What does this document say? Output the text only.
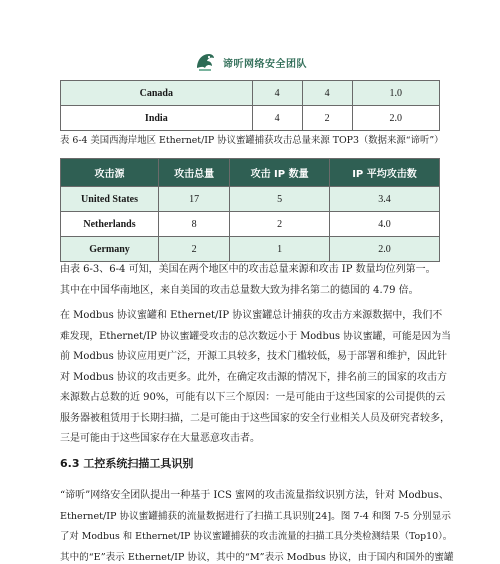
谛听网络安全团队
Canada	4	4	1.0
India	4	2	2.0
表 6-4 美国西海岸地区 Ethernet/IP 协议蜜罐捕获攻击总量来源 TOP3（数据来源“谛听”）
攻击源	攻击总量	攻击 IP 数量	IP 平均攻击数
United States	17	5	3.4
Netherlands	8	2	4.0
Germany	2	1	2.0
由表 6-3、6-4 可知，美国在两个地区中的攻击总量来源和攻击 IP 数量均位列第一。
其中在中国华南地区，来自美国的攻击总量数大致为排名第二的德国的 4.79 倍。
在 Modbus 协议蜜罐和 Ethernet/IP 协议蜜罐总计捕获的攻击方来源数据中，我们不
难发现，Ethernet/IP 协议蜜罐受攻击的总次数远小于 Modbus 协议蜜罐，可能是因为当
前 Modbus 协议应用更广泛，开源工具较多，技术门槛较低，易于部署和维护，因此针
对 Modbus 协议的攻击更多。此外，在确定攻击源的情况下，排名前三的国家的攻击方
来源数占总数的近 90%，可能有以下三个原因：一是可能由于这些国家的公司提供的云
服务器被租赁用于长期扫描，二是可能由于这些国家的安全行业相关人员及研究者较多，
三是可能由于这些国家存在大量恶意攻击者。
6.3 工控系统扫描工具识别
“谛听”网络安全团队提出一种基于 ICS 蜜网的攻击流量指纹识别方法，针对 Modbus、
Ethernet/IP 协议蜜罐捕获的流量数据进行了扫描工具识别[24]。图 7-4 和图 7-5 分别显示
了对 Modbus 和 Ethernet/IP 协议蜜罐捕获的攻击流量的扫描工具分类检测结果（Top10）。
其中的“E”表示 Ethernet/IP 协议，其中的“M”表示 Modbus 协议，由于国内和国外的蜜罐
